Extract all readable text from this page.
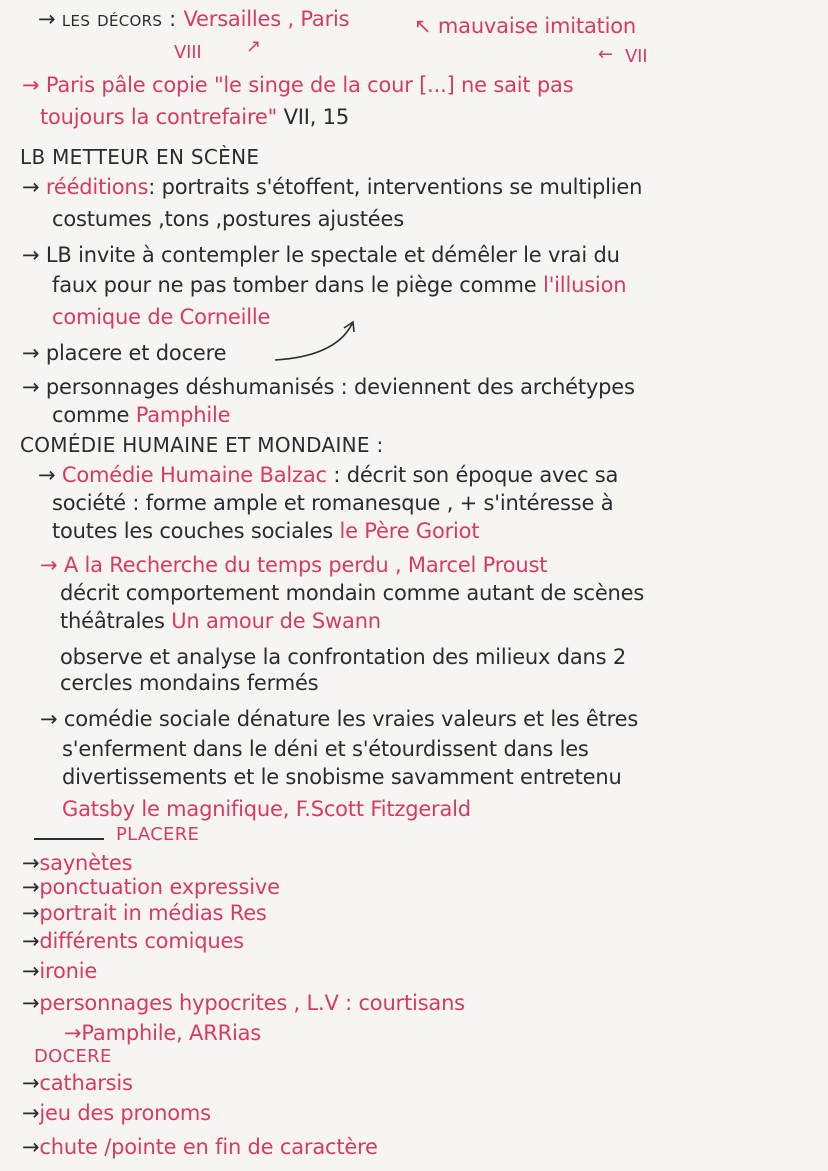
→ les décors : Versailles , Paris	↖ mauvaise imitation
VIII ↗	← VII
→ Paris pâle copie "le singe de la cour [...] ne sait pas
toujours la contrefaire" VII, 15
LB METTEUR EN SCÈNE
→ rééditions: portraits s'étoffent, interventions se multiplien
costumes ,tons ,postures ajustées
→ LB invite à contempler le spectale et démêler le vrai du
faux pour ne pas tomber dans le piège comme l'illusion
comique de Corneille
→ placere et docere
→ personnages déshumanisés : deviennent des archétypes
comme Pamphile
COMÉDIE HUMAINE ET MONDAINE :
→ Comédie Humaine Balzac : décrit son époque avec sa
société : forme ample et romanesque , + s'intéresse à
toutes les couches sociales le Père Goriot
→ A la Recherche du temps perdu , Marcel Proust
décrit comportement mondain comme autant de scènes
théâtrales Un amour de Swann
observe et analyse la confrontation des milieux dans 2
cercles mondains fermés
→ comédie sociale dénature les vraies valeurs et les êtres
s'enferment dans le déni et s'étourdissent dans les
divertissements et le snobisme savamment entretenu
Gatsby le magnifique, F.Scott Fitzgerald
PLACERE
→saynètes
→ponctuation expressive
→portrait in médias Res
→différents comiques
→ironie
→personnages hypocrites , L.V : courtisans
→Pamphile, ARRias
DOCERE
→catharsis
→jeu des pronoms
→chute /pointe en fin de caractère
